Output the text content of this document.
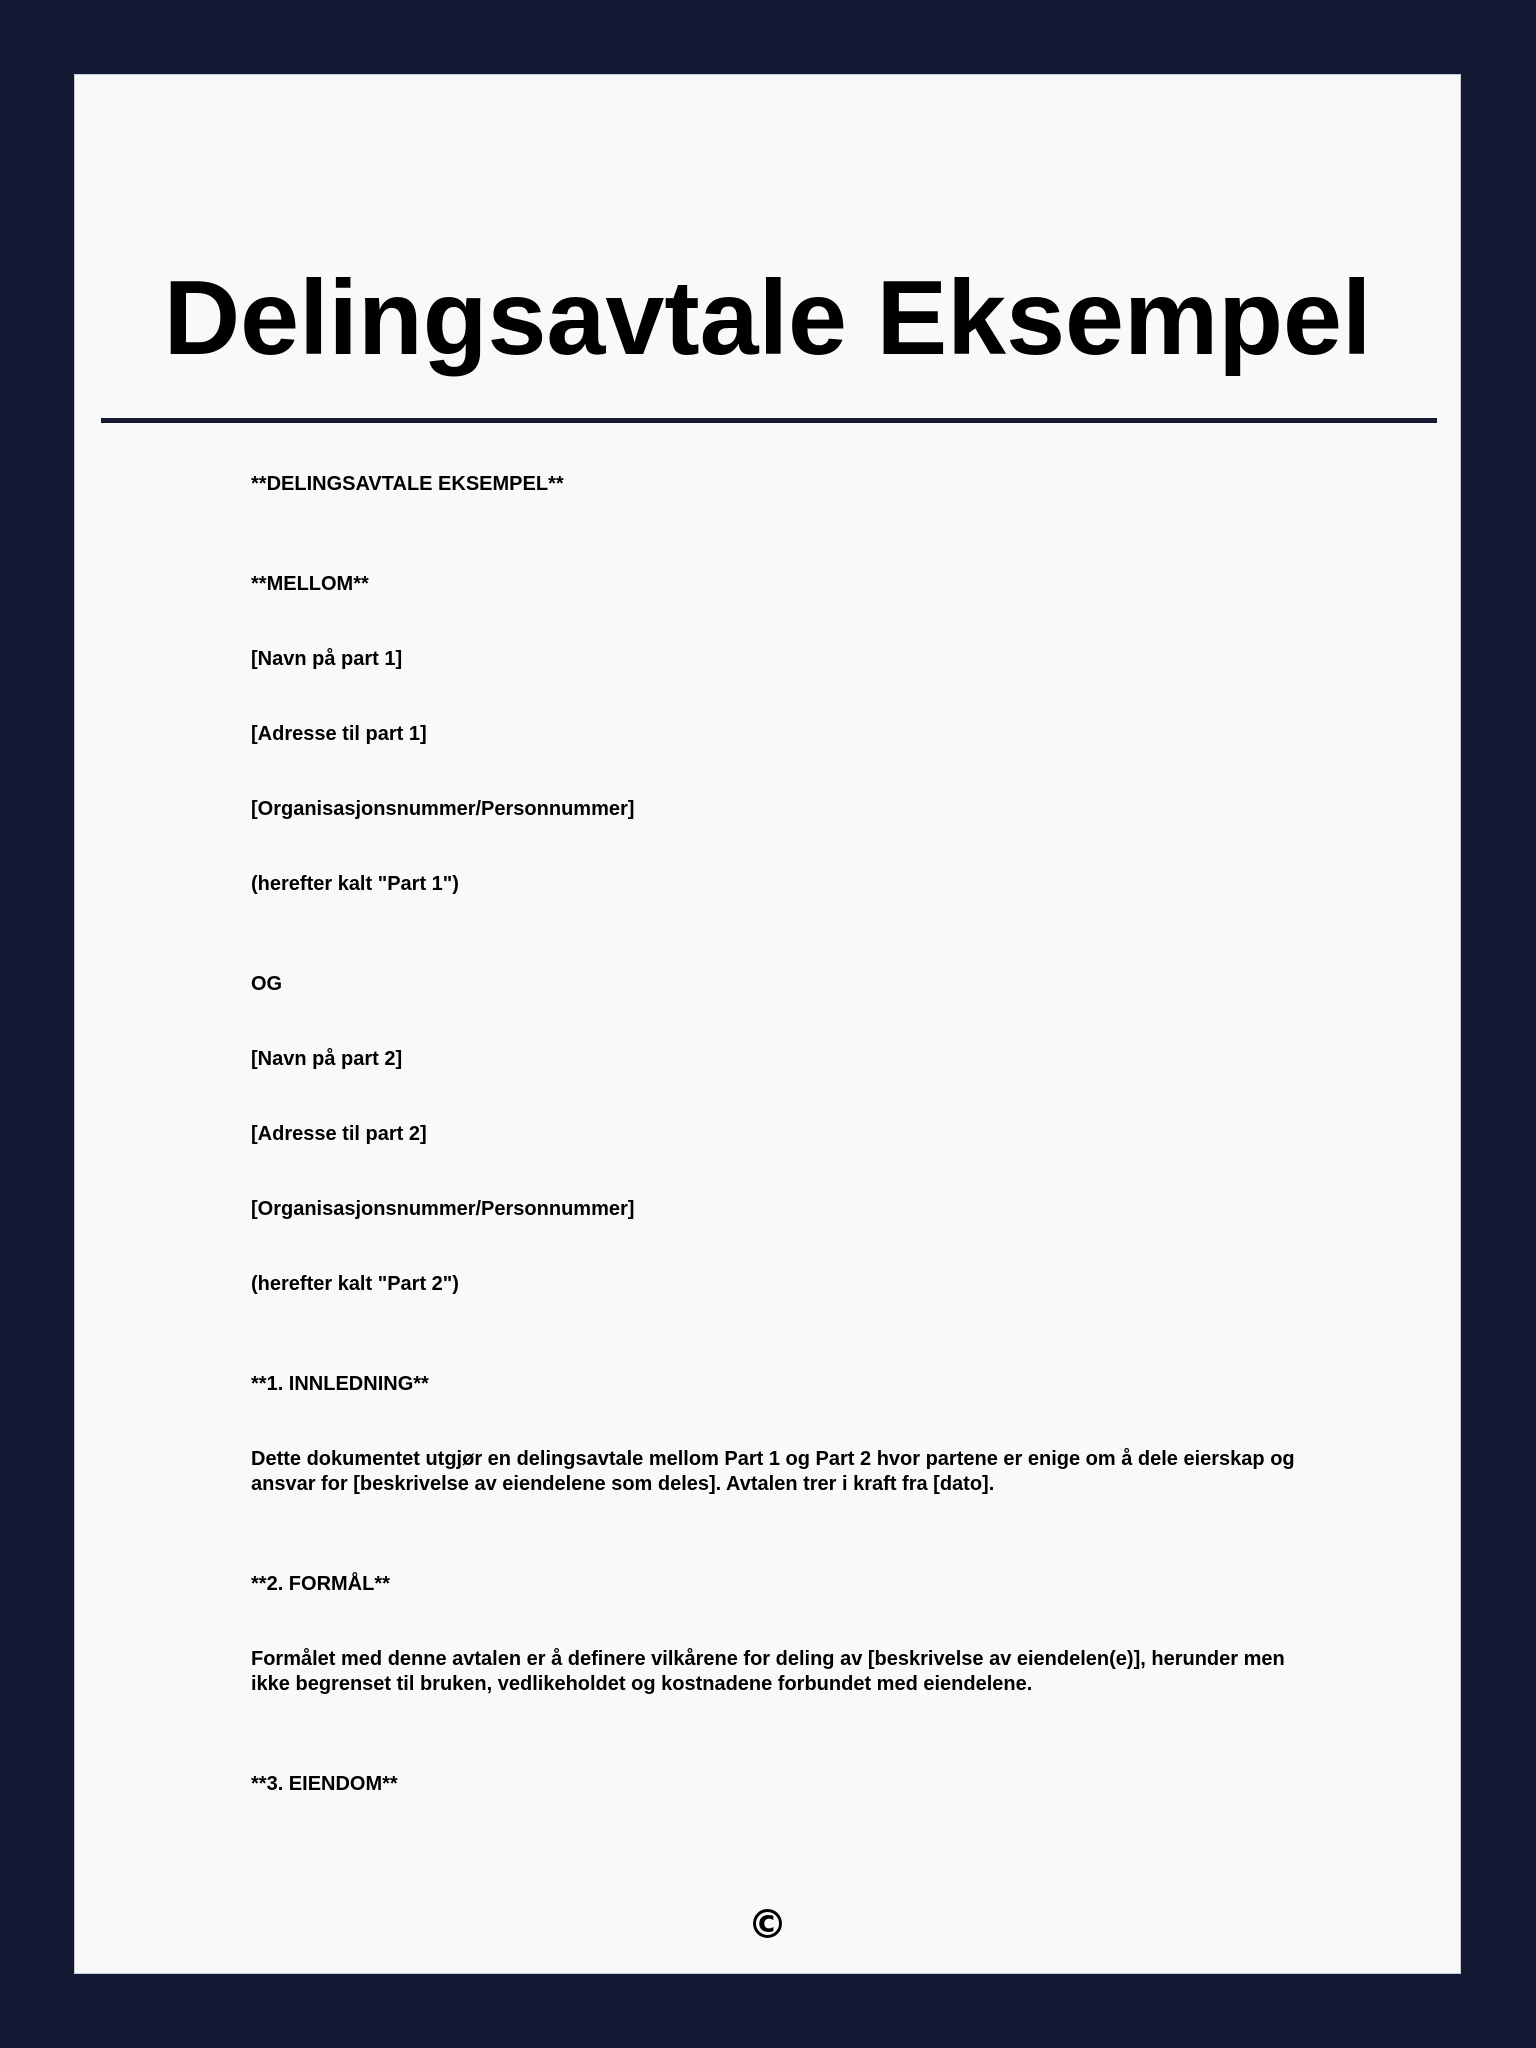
Delingsavtale Eksempel
**DELINGSAVTALE EKSEMPEL**
**MELLOM**
[Navn på part 1]
[Adresse til part 1]
[Organisasjonsnummer/Personnummer]
(herefter kalt "Part 1")
OG
[Navn på part 2]
[Adresse til part 2]
[Organisasjonsnummer/Personnummer]
(herefter kalt "Part 2")
**1. INNLEDNING**
Dette dokumentet utgjør en delingsavtale mellom Part 1 og Part 2 hvor partene er enige om å dele eierskap og ansvar for [beskrivelse av eiendelene som deles]. Avtalen trer i kraft fra [dato].
**2. FORMÅL**
Formålet med denne avtalen er å definere vilkårene for deling av [beskrivelse av eiendelen(e)], herunder men ikke begrenset til bruken, vedlikeholdet og kostnadene forbundet med eiendelene.
**3. EIENDOM**
©
